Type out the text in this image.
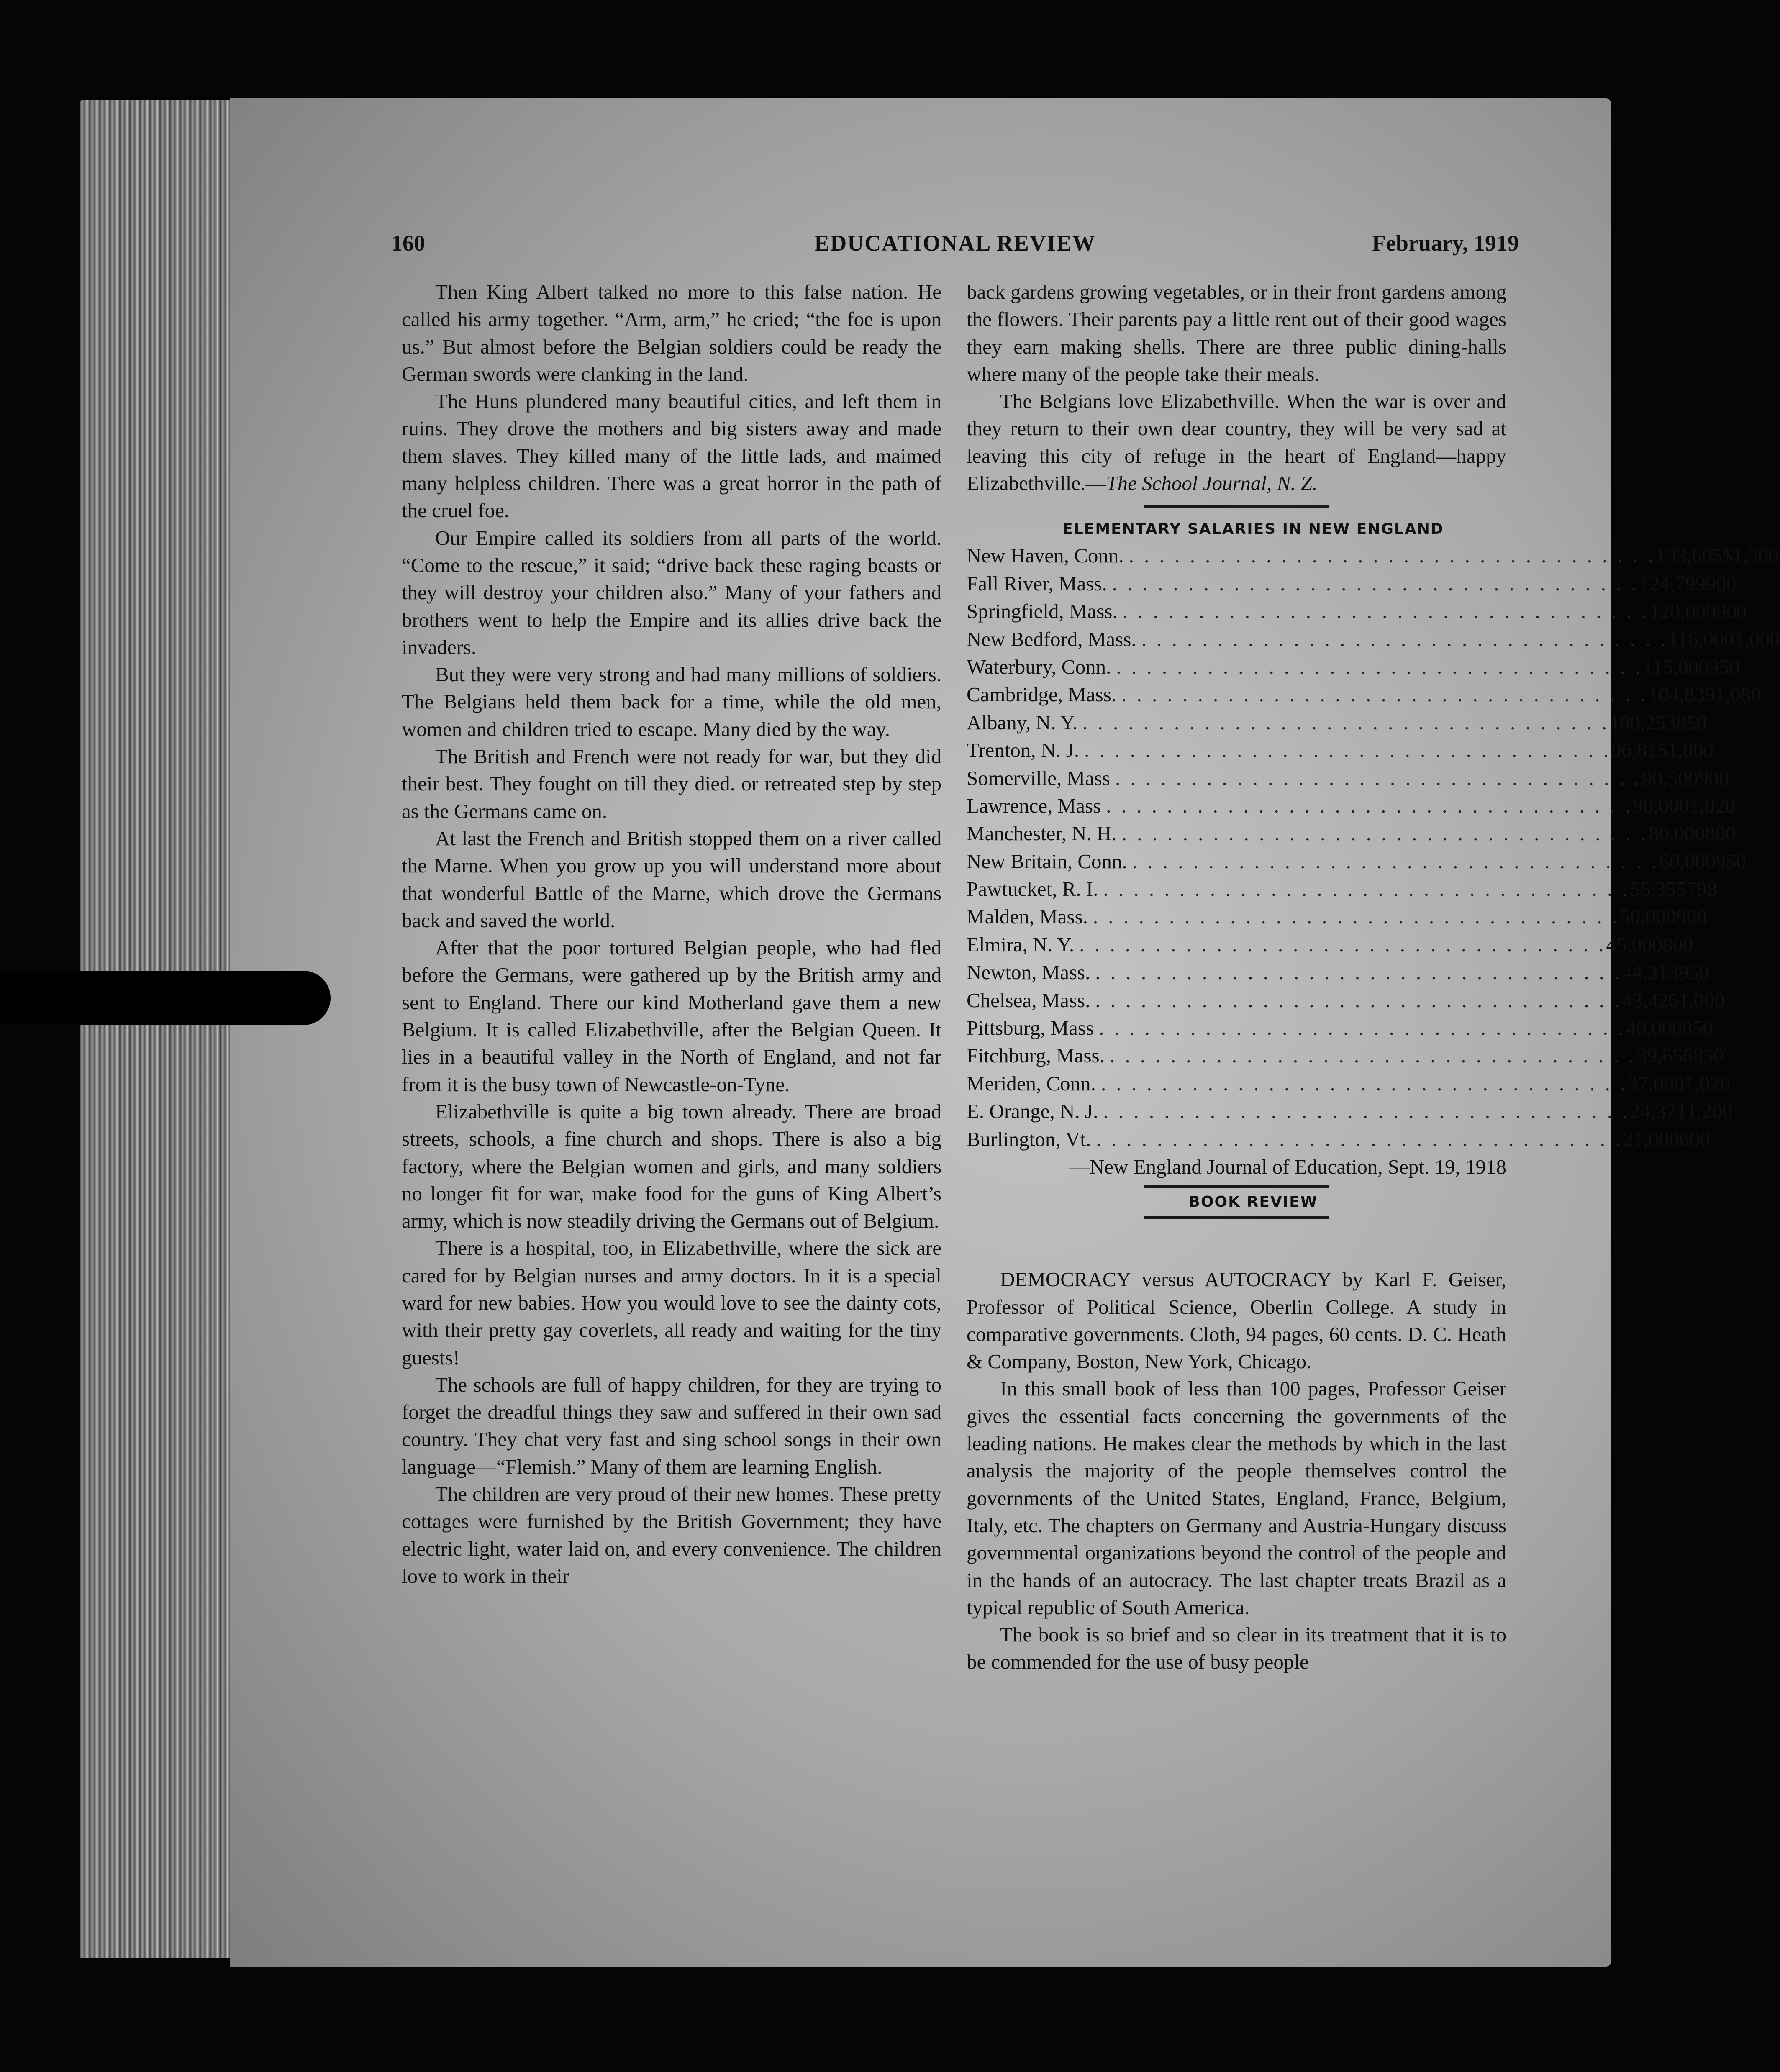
160	EDUCATIONAL REVIEW	February, 1919

Then King Albert talked no more to this false nation. He called his army together. “Arm, arm,” he cried; “the foe is upon us.” But almost before the Belgian soldiers could be ready the German swords were clanking in the land.

The Huns plundered many beautiful cities, and left them in ruins. They drove the mothers and big sisters away and made them slaves. They killed many of the little lads, and maimed many helpless children. There was a great horror in the path of the cruel foe.

Our Empire called its soldiers from all parts of the world. “Come to the rescue,” it said; “drive back these raging beasts or they will destroy your children also.” Many of your fathers and brothers went to help the Empire and its allies drive back the invaders.

But they were very strong and had many millions of soldiers. The Belgians held them back for a time, while the old men, women and children tried to escape. Many died by the way.

The British and French were not ready for war, but they did their best. They fought on till they died. or retreated step by step as the Germans came on.

At last the French and British stopped them on a river called the Marne. When you grow up you will understand more about that wonderful Battle of the Marne, which drove the Germans back and saved the world.

After that the poor tortured Belgian people, who had fled before the Germans, were gathered up by the British army and sent to England. There our kind Motherland gave them a new Belgium. It is called Elizabethville, after the Belgian Queen. It lies in a beautiful valley in the North of England, and not far from it is the busy town of Newcastle-on-Tyne.

Elizabethville is quite a big town already. There are broad streets, schools, a fine church and shops. There is also a big factory, where the Belgian women and girls, and many soldiers no longer fit for war, make food for the guns of King Albert’s army, which is now steadily driving the Germans out of Belgium.

There is a hospital, too, in Elizabethville, where the sick are cared for by Belgian nurses and army doctors. In it is a special ward for new babies. How you would love to see the dainty cots, with their pretty gay coverlets, all ready and waiting for the tiny guests!

The schools are full of happy children, for they are trying to forget the dreadful things they saw and suffered in their own sad country. They chat very fast and sing school songs in their own language—“Flemish.” Many of them are learning English.

The children are very proud of their new homes. These pretty cottages were furnished by the British Government; they have electric light, water laid on, and every convenience. The children love to work in their

back gardens growing vegetables, or in their front gardens among the flowers. Their parents pay a little rent out of their good wages they earn making shells. There are three public dining-halls where many of the people take their meals.

The Belgians love Elizabethville. When the war is over and they return to their own dear country, they will be very sad at leaving this city of refuge in the heart of England—happy Elizabethville.—The School Journal, N. Z.

ELEMENTARY SALARIES IN NEW ENGLAND

New Haven, Conn. . . . . . . . . . . . . . . . . . . . . . . . . . . . . . . . . . . . 133,605 $1,300
Fall River, Mass. . . . . . . . . . . . . . . . . . . . . . . . . . . . . . . . . . . . 124,799 900
Springfield, Mass. . . . . . . . . . . . . . . . . . . . . . . . . . . . . . . . . . . . 120,000 900
New Bedford, Mass. . . . . . . . . . . . . . . . . . . . . . . . . . . . . . . . . . . . 116,000 1,000
Waterbury, Conn. . . . . . . . . . . . . . . . . . . . . . . . . . . . . . . . . . . . 115,000 950
Cambridge, Mass. . . . . . . . . . . . . . . . . . . . . . . . . . . . . . . . . . . . 104,839 1,080
Albany, N. Y. . . . . . . . . . . . . . . . . . . . . . . . . . . . . . . . . . . . 100,253 850
Trenton, N. J. . . . . . . . . . . . . . . . . . . . . . . . . . . . . . . . . . . . 96,815 1,000
Somerville, Mass . . . . . . . . . . . . . . . . . . . . . . . . . . . . . . . . . . . 90,500 900
Lawrence, Mass . . . . . . . . . . . . . . . . . . . . . . . . . . . . . . . . . . . 90,000 1,020
Manchester, N. H. . . . . . . . . . . . . . . . . . . . . . . . . . . . . . . . . . . . 80,000 800
New Britain, Conn. . . . . . . . . . . . . . . . . . . . . . . . . . . . . . . . . . . . 60,000 950
Pawtucket, R. I. . . . . . . . . . . . . . . . . . . . . . . . . . . . . . . . . . . . 55,355 798
Malden, Mass. . . . . . . . . . . . . . . . . . . . . . . . . . . . . . . . . . . . 50,000 900
Elmira, N. Y. . . . . . . . . . . . . . . . . . . . . . . . . . . . . . . . . . . . 45,000 800
Newton, Mass. . . . . . . . . . . . . . . . . . . . . . . . . . . . . . . . . . . . 44,313 950
Chelsea, Mass. . . . . . . . . . . . . . . . . . . . . . . . . . . . . . . . . . . . 43,426 1,000
Pittsburg, Mass . . . . . . . . . . . . . . . . . . . . . . . . . . . . . . . . . . . 40,000 850
Fitchburg, Mass. . . . . . . . . . . . . . . . . . . . . . . . . . . . . . . . . . . . 39,656 850
Meriden, Conn. . . . . . . . . . . . . . . . . . . . . . . . . . . . . . . . . . . . 37,000 1,020
E. Orange, N. J. . . . . . . . . . . . . . . . . . . . . . . . . . . . . . . . . . . . 24,371 1,200
Burlington, Vt. . . . . . . . . . . . . . . . . . . . . . . . . . . . . . . . . . . . 21,000 600

—New England Journal of Education, Sept. 19, 1918

BOOK REVIEW

DEMOCRACY versus AUTOCRACY by Karl F. Geiser, Professor of Political Science, Oberlin College. A study in comparative governments. Cloth, 94 pages, 60 cents. D. C. Heath & Company, Boston, New York, Chicago.

In this small book of less than 100 pages, Professor Geiser gives the essential facts concerning the governments of the leading nations. He makes clear the methods by which in the last analysis the majority of the people themselves control the governments of the United States, England, France, Belgium, Italy, etc. The chapters on Germany and Austria-Hungary discuss governmental organizations beyond the control of the people and in the hands of an autocracy. The last chapter treats Brazil as a typical republic of South America.

The book is so brief and so clear in its treatment that it is to be commended for the use of busy people
